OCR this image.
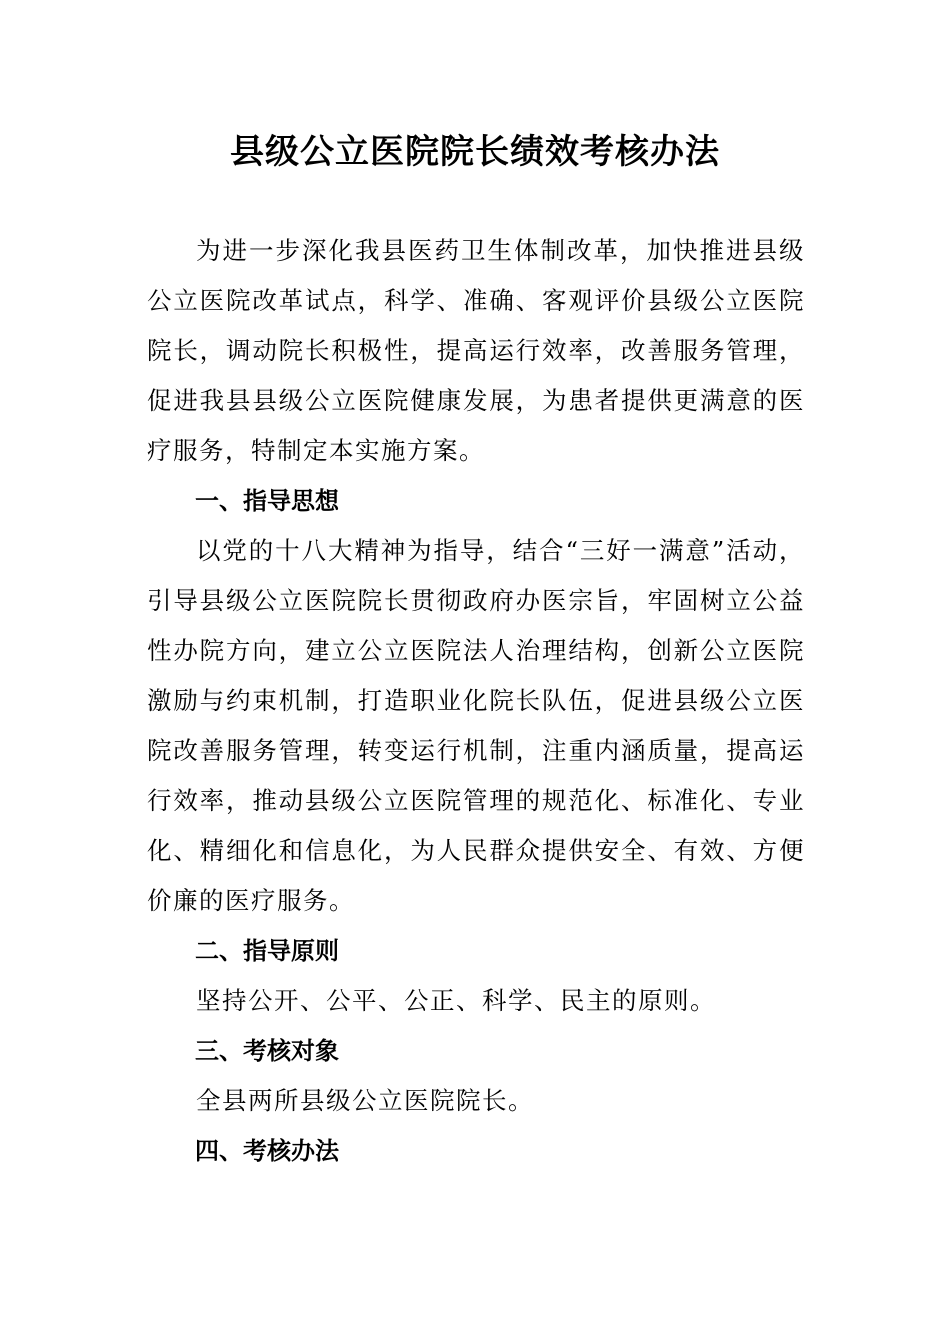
县级公立医院院长绩效考核办法

为进一步深化我县医药卫生体制改革，加快推进县级公立医院改革试点，科学、准确、客观评价县级公立医院院长，调动院长积极性，提高运行效率，改善服务管理，促进我县县级公立医院健康发展，为患者提供更满意的医疗服务，特制定本实施方案。

一、指导思想

以党的十八大精神为指导，结合“三好一满意”活动，引导县级公立医院院长贯彻政府办医宗旨，牢固树立公益性办院方向，建立公立医院法人治理结构，创新公立医院激励与约束机制，打造职业化院长队伍，促进县级公立医院改善服务管理，转变运行机制，注重内涵质量，提高运行效率，推动县级公立医院管理的规范化、标准化、专业化、精细化和信息化，为人民群众提供安全、有效、方便价廉的医疗服务。

二、指导原则

坚持公开、公平、公正、科学、民主的原则。

三、考核对象

全县两所县级公立医院院长。

四、考核办法
